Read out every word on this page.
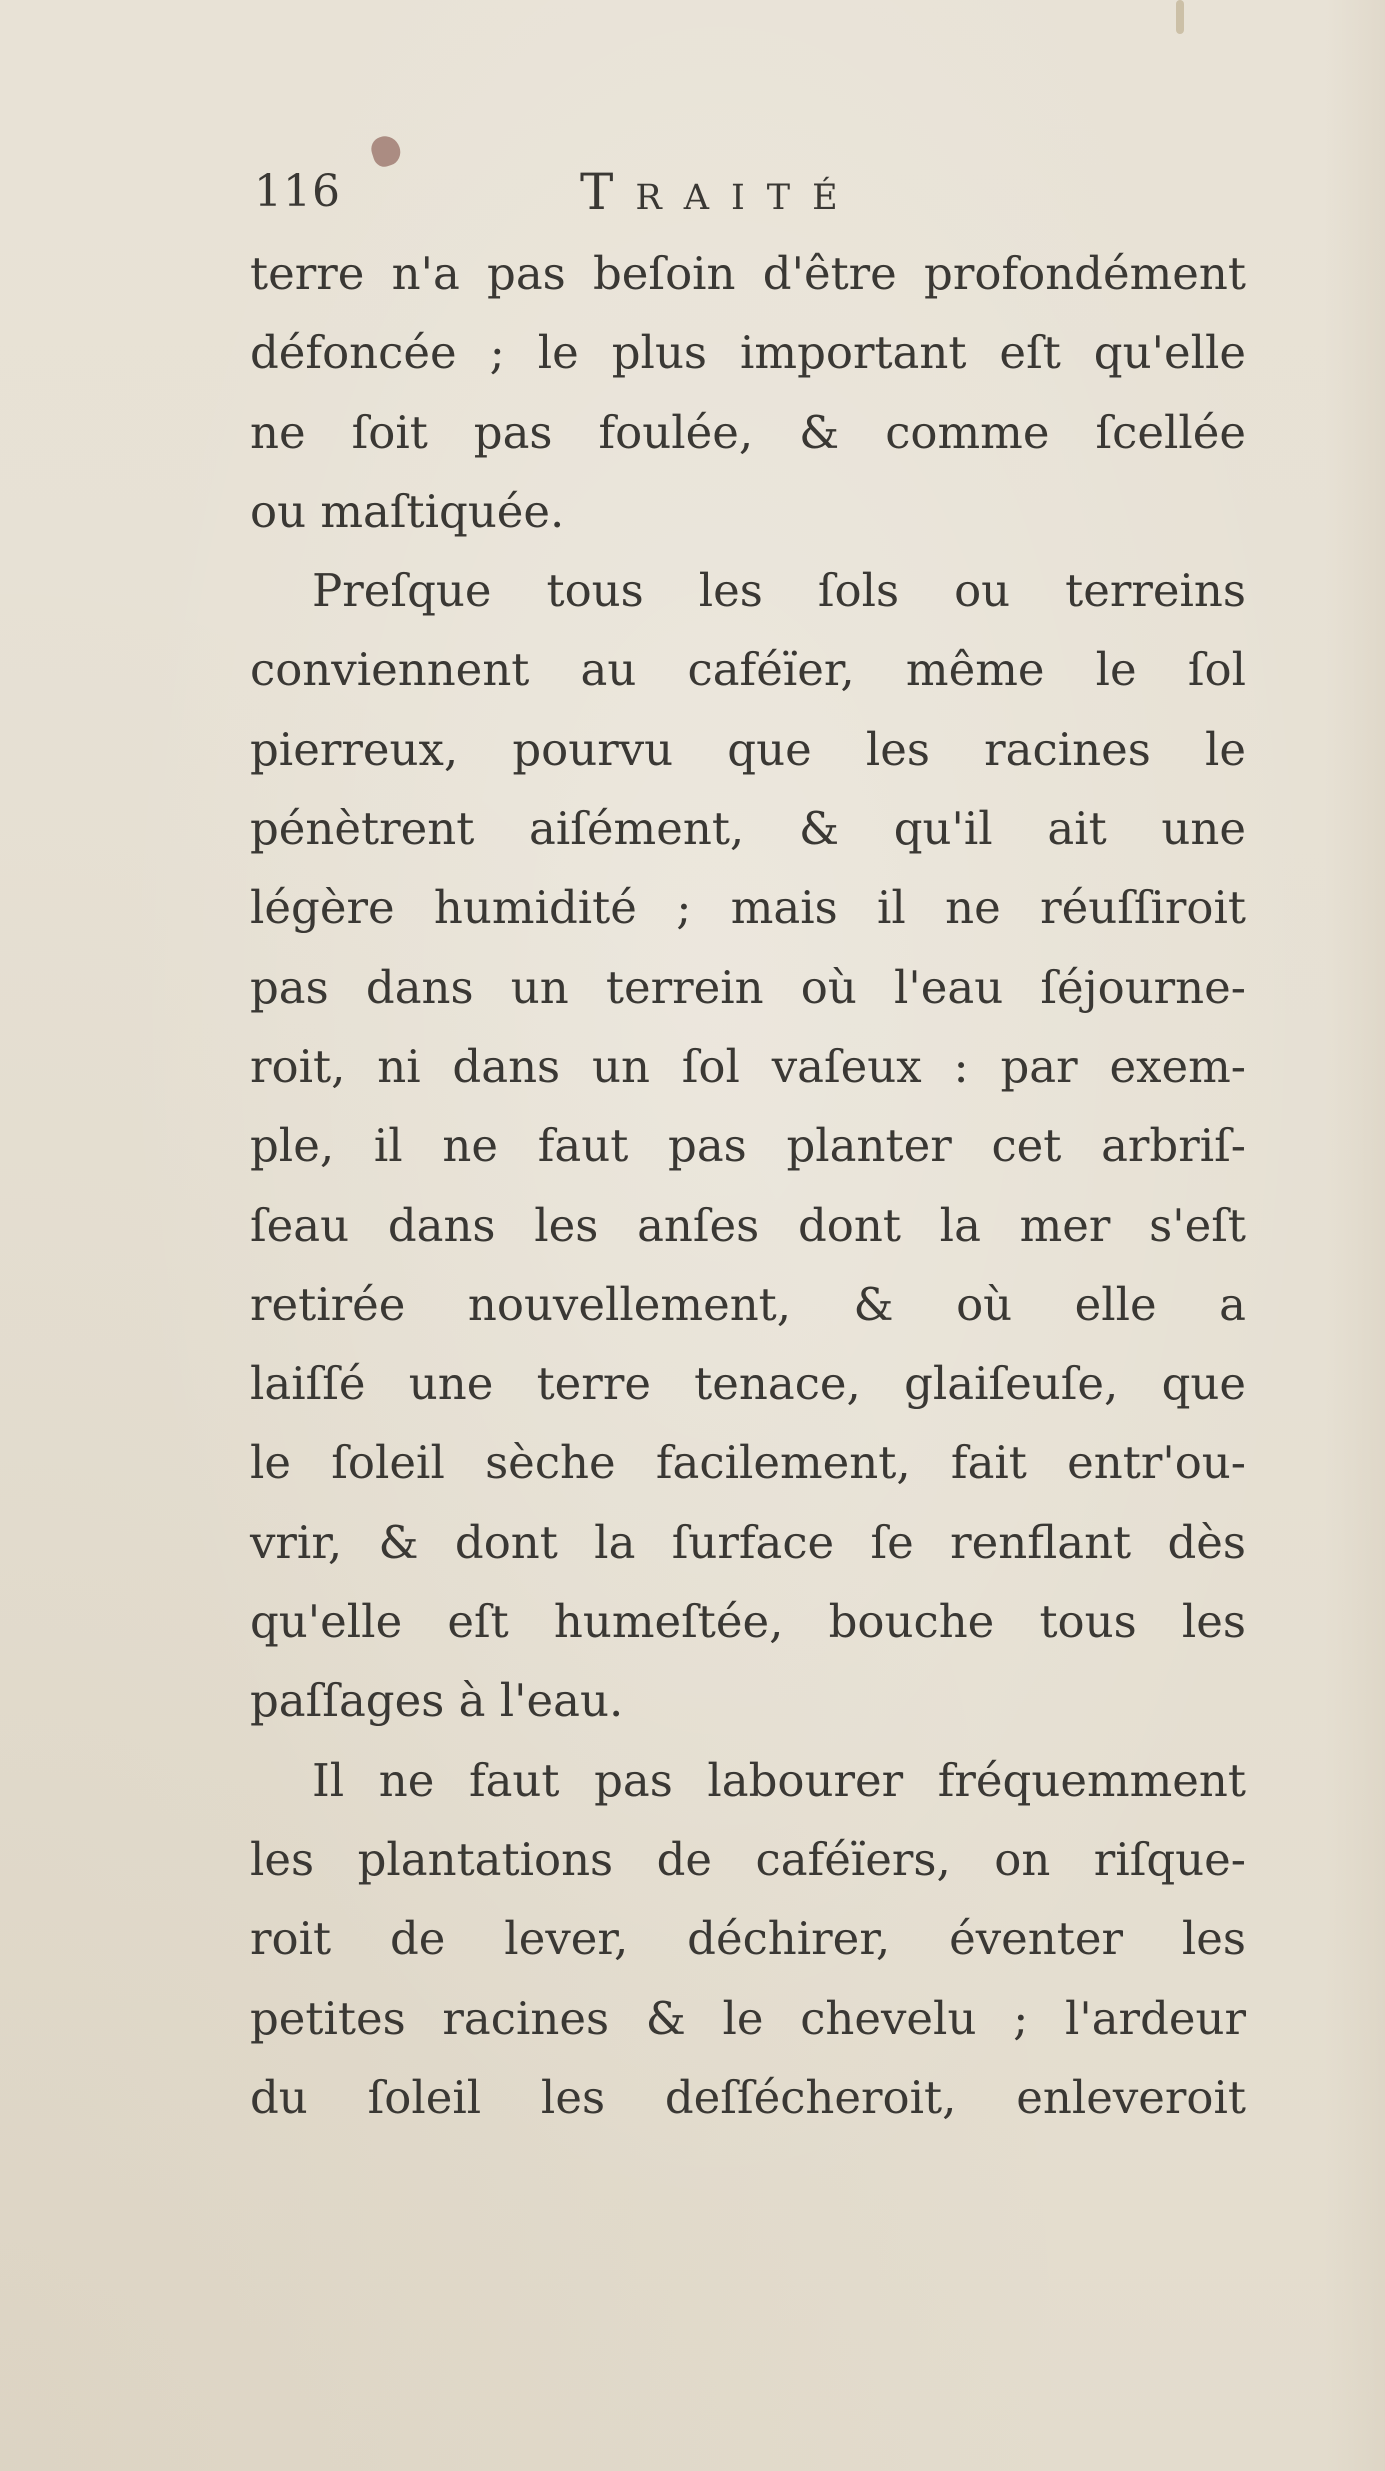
116	Traité
terre n'a pas beſoin d'être profondément
défoncée ; le plus important eſt qu'elle
ne ſoit pas foulée, & comme ſcellée
ou maſtiquée.
Preſque tous les ſols ou terreins
conviennent au caféïer, même le ſol
pierreux, pourvu que les racines le
pénètrent aiſément, & qu'il ait une
légère humidité ; mais il ne réuſſiroit
pas dans un terrein où l'eau ſéjourne-
roit, ni dans un ſol vaſeux : par exem-
ple, il ne faut pas planter cet arbriſ-
ſeau dans les anſes dont la mer s'eſt
retirée nouvellement, & où elle a
laiſſé une terre tenace, glaiſeuſe, que
le ſoleil sèche facilement, fait entr'ou-
vrir, & dont la ſurface ſe renflant dès
qu'elle eſt humeſtée, bouche tous les
paſſages à l'eau.
Il ne faut pas labourer fréquemment
les plantations de caféïers, on riſque-
roit de lever, déchirer, éventer les
petites racines & le chevelu ; l'ardeur
du ſoleil les deſſécheroit, enleveroit
